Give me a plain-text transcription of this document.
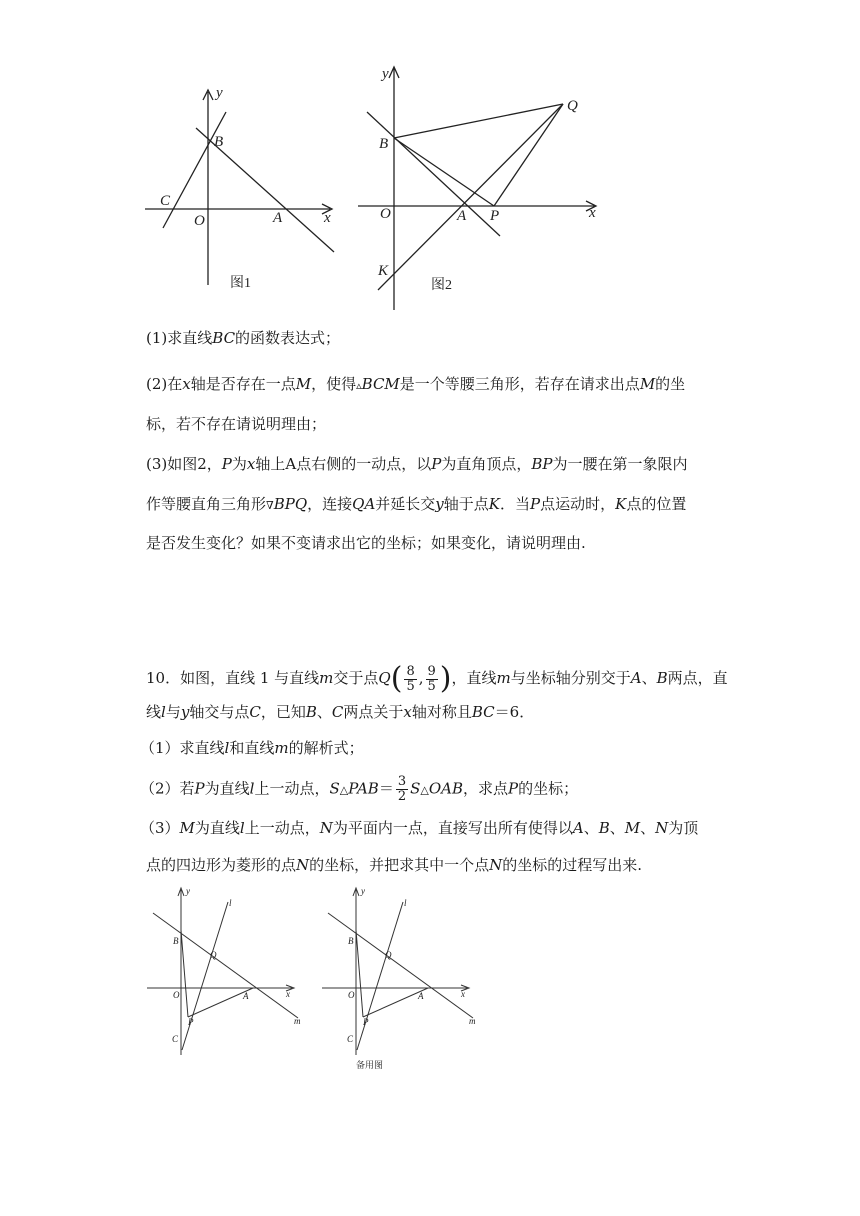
y
B
C
O	A	x
图1
y
Q
B
O	A P	x
K
图2
(1)求直线BC的函数表达式；
(2)在x轴是否存在一点M，使得▵BCM是一个等腰三角形，若存在请求出点M的坐
标，若不存在请说明理由；
(3)如图2，P为x轴上A点右侧的一动点，以P为直角顶点，BP为一腰在第一象限内
作等腰直角三角形∇BPQ，连接QA并延长交y轴于点K．当P点运动时，K点的位置
是否发生变化？如果不变请求出它的坐标；如果变化，请说明理由.
10．如图，直线 1 与直线m交于点$Q( \frac{8}{5}$ , $\frac{9}{5}$ )，直线m与坐标轴分别交于A、B两点，直
线l与y轴交与点C，已知B、C两点关于x轴对称且BC＝6．
（1）求直线l和直线m的解析式；
（2）若P为直线l上一动点，S△PAB＝ $\frac{3}{2}$ S△OAB，求点P的坐标；
（3）M为直线l上一动点，N为平面内一点，直接写出所有使得以A、B、M、N为顶
点的四边形为菱形的点N的坐标，并把求其中一个点N的坐标的过程写出来.
y
l
B
Q
O	A	x
P	m
C
y
l
B
Q
O	A	x
P	m
C
备用图
